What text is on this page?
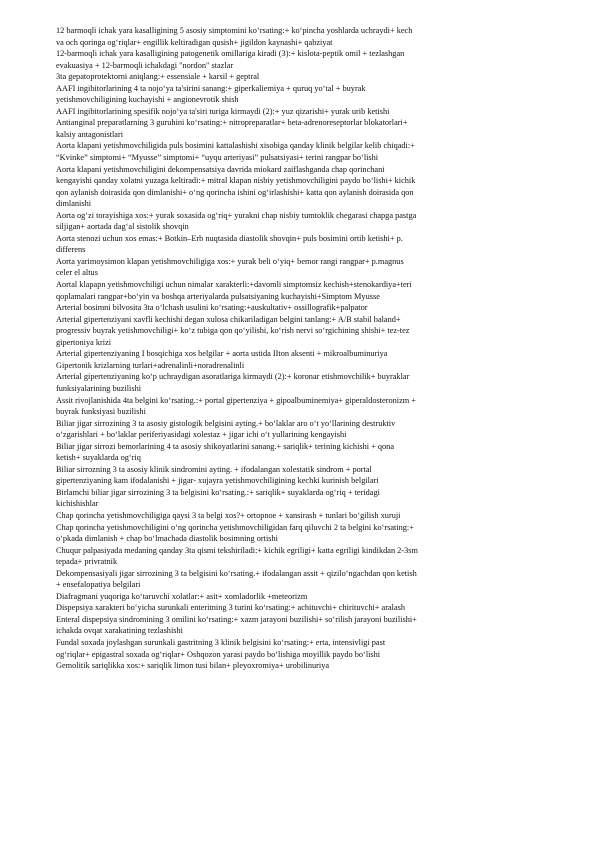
12 barmoqli ichak yara kasalligining 5 asosiy simptomini ko‘rsating:+ ko‘pincha yoshlarda uchraydi+ kech
va och qoringa og‘riqlar+ engillik keltiradigan qusish+ jigildon kaynashi+ qabziyat
12-barmoqli ichak yara kasalligining patogenetik omillariga kiradi (3):+ kislota-peptik omil + tezlashgan
evakuasiya + 12-barmoqli ichakdagi "nordon" stazlar
3ta gepatoprotektorni aniqlang:+ essensiale + karsil + geptral
AAFI ingibitorlarining 4 ta nojo‘ya ta'sirini sanang:+ giperkaliemiya + quruq yo‘tal + buyrak
yetishmovchiligining kuchayishi + angionevrotik shish
AAFI ingibitorlarining spesifik nojo‘ya ta'siri turiga kirmaydi (2):+ yuz qizarishi+ yurak urib ketishi
Antianginal preparatlarning 3 guruhini ko‘rsating:+ nitropreparatlar+ beta-adrenoreseptorlar blokatorlari+
kalsiy antagonistlari
Aorta klapani yetishmovchiligida puls bosimini kattalashishi xisobiga qanday klinik belgilar kelib chiqadi:+
“Kvinke” simptomi+ “Myusse” simptomi+ “uyqu arteriyasi” pulsatsiyasi+ terini rangpar bo‘lishi
Aorta klapani yetishmovchiligini dekompensatsiya davrida miokard zaiflashganda chap qorinchani
kengayishi qanday xolatni yuzaga keltiradi:+ mitral klapan nisbiy yetishmovchiligini paydo bo‘lishi+ kichik
qon aylanish doirasida qon dimlanishi+ o‘ng qorincha ishini og‘irlashishi+ katta qon aylanish doirasida qon
dimlanishi
Aorta og‘zi torayishiga xos:+ yurak soxasida og‘riq+ yurakni chap nisbiy tumtoklik chegarasi chapga pastga
siljigan+ aortada dag‘al sistolik shovqin
Aorta stenozi uchun xos emas:+ Botkin–Erb nuqtasida diastolik shovqin+ puls bosimini ortib ketishi+ p.
differens
Aorta yarimoysimon klapan yetishmovchiligiga xos:+ yurak beli o‘yiq+ bemor rangi rangpar+ p.magnus
celer el altus
Aortal klapapn yetishmovchiligi uchun nimalar xarakterli:+davomli simptomsiz kechish+stenokardiya+teri
qoplamalari rangpar+bo‘yin va boshqa arteriyalarda pulsatsiyaning kuchayishi+Simptom Myusse
Arterial bosimni bilvosita 3ta o‘lchash usulini ko‘rsating:+auskultativ+ ossillografik+palpator
Arterial gipertenziyani xavfli kechishi degan xulosa chikariladigan belgini tanlang:+ A/B stabil baland+
progressiv buyrak yetishmovchiligi+ ko‘z tubiga qon qo‘yilishi, ko‘rish nervi so‘rgichining shishi+ tez-tez
gipertoniya krizi
Arterial gipertenziyaning I bosqichiga xos belgilar + aorta ustida IIton aksenti + mikroalbuminuriya
Gipertonik krizlarning turlari+adrenalinli+noradrenalinli
Arterial gipertenziyaning ko‘p uchraydigan asoratlariga kirmaydi (2):+ koronar etishmovchilik+ buyraklar
funksiyalarining buzilishi
Assit rivojlanishida 4ta belgini ko‘rsating.:+ portal gipertenziya + gipoalbuminemiya+ giperaldosteronizm +
buyrak funksiyasi buzilishi
Biliar jigar sirrozining 3 ta asosiy gistologik belgisini ayting.+ bo‘laklar aro o‘t yo‘llarining destruktiv
o‘zgarishlari + bo‘laklar periferiyasidagi xolestaz + jigar ichi o‘t yullarining kengayishi
Biliar jigar sirrozi bemorlarining 4 ta asosiy shikoyatlarini sanang.+ sariqlik+ terining kichishi + qona
ketish+ suyaklarda og‘riq
Biliar sirrozning 3 ta asosiy klinik sindromini ayting. + ifodalangan xolestatik sindrom + portal
gipertenziyaning kam ifodalanishi + jigar- xujayra yetishmovchiligining kechki kurinish belgilari
Birlamchi biliar jigar sirrozining 3 ta belgisini ko‘rsating.:+ sariqlik+ suyaklarda og‘riq + teridagi
kichishishlar
Chap qorincha yetishmovchiligiga qaysi 3 ta belgi xos?+ ortopnoe + xansirash + tunlari bo‘gilish xuruji
Chap qorincha yetishmovchiligini o‘ng qorincha yetishmovchiligidan farq qiluvchi 2 ta belgini ko‘rsating:+
o‘pkada dimlanish + chap bo‘lmachada diastolik bosimning ortishi
Chuqur palpasiyada medaning qanday 3ta qismi tekshiriladi:+ kichik egriligi+ katta egriligi kindikdan 2-3sm
tepada+ privratnik
Dekompensasiyali jigar sirrozining 3 ta belgisini ko‘rsating.+ ifodalangan assit + qizilo‘ngachdan qon ketish
+ ensefalopatiya belgilari
Diafragmani yuqoriga ko‘taruvchi xolatlar:+ asit+ xomladorlik +meteorizm
Dispepsiya xarakteri bo‘yicha surunkali enteritning 3 turini ko‘rsating:+ achituvchi+ chirituvchi+ aralash
Enteral dispepsiya sindromining 3 omilini ko‘rsating:+ xazm jarayoni buzilishi+ so‘rilish jarayoni buzilishi+
ichakda ovqat xarakatining tezlashishi
Fundal soxada joylashgan surunkali gastritning 3 klinik belgisini ko‘rsating:+ erta, intensivligi past
og‘riqlar+ epigastral soxada og‘riqlar+ Oshqozon yarasi paydo bo‘lishiga moyillik paydo bo‘lishi
Gemolitik sariqlikka xos:+ sariqlik limon tusi bilan+ pleyoxromiya+ urobilinuriya
